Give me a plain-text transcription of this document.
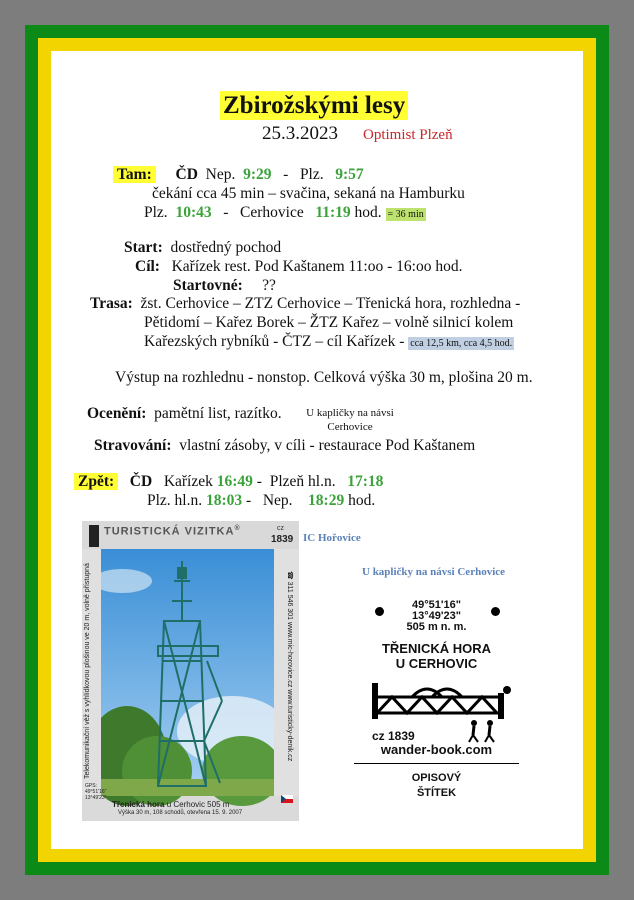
Zbirožskými lesy
25.3.2023 Optimist Plzeň
Tam: ČD Nep. 9:29 - Plz. 9:57
čekání cca 45 min – svačina, sekaná na Hamburku
Plz. 10:43 - Cerhovice 11:19 hod. = 36 min
Start: dostředný pochod
Cíl: Kařízek rest. Pod Kaštanem 11:oo - 16:oo hod.
Startovné: ??
Trasa: žst. Cerhovice – ZTZ Cerhovice – Třenická hora, rozhledna -
Pětidomí – Kařez Borek – ŽTZ Kařez – volně silnicí kolem
Kařezských rybníků - ČTZ – cíl Kařízek - cca 12,5 km, cca 4,5 hod.
Výstup na rozhlednu - nonstop. Celková výška 30 m, plošina 20 m.
Ocenění: pamětní list, razítko.	U kapličky na návsi
Cerhovice
Stravování: vlastní zásoby, v cíli - restaurace Pod Kaštanem
Zpět: ČD Kařízek 16:49 - Plzeň hl.n. 17:18
Plz. hl.n. 18:03 - Nep. 18:29 hod.
TURISTICKÁ VIZITKA®	cz
1839
Telekomunikační věž s vyhlídkovou plošinou ve 20 m, volně přístupná	☎ 311 546 301 www.mic-horovice.cz www.turisticky-denik.cz
GPS:
49°51'16"
13°49'23"
Třenická hora u Cerhovic 505 m
Výška 30 m, 108 schodů, otevřena 15. 9. 2007
IC Hořovice
U kapličky na návsi Cerhovice
49°51'16"
13°49'23"
505 m n. m.
TŘENICKÁ HORA
U CERHOVIC
cz 1839
wander-book.com
OPISOVÝ
ŠTÍTEK
